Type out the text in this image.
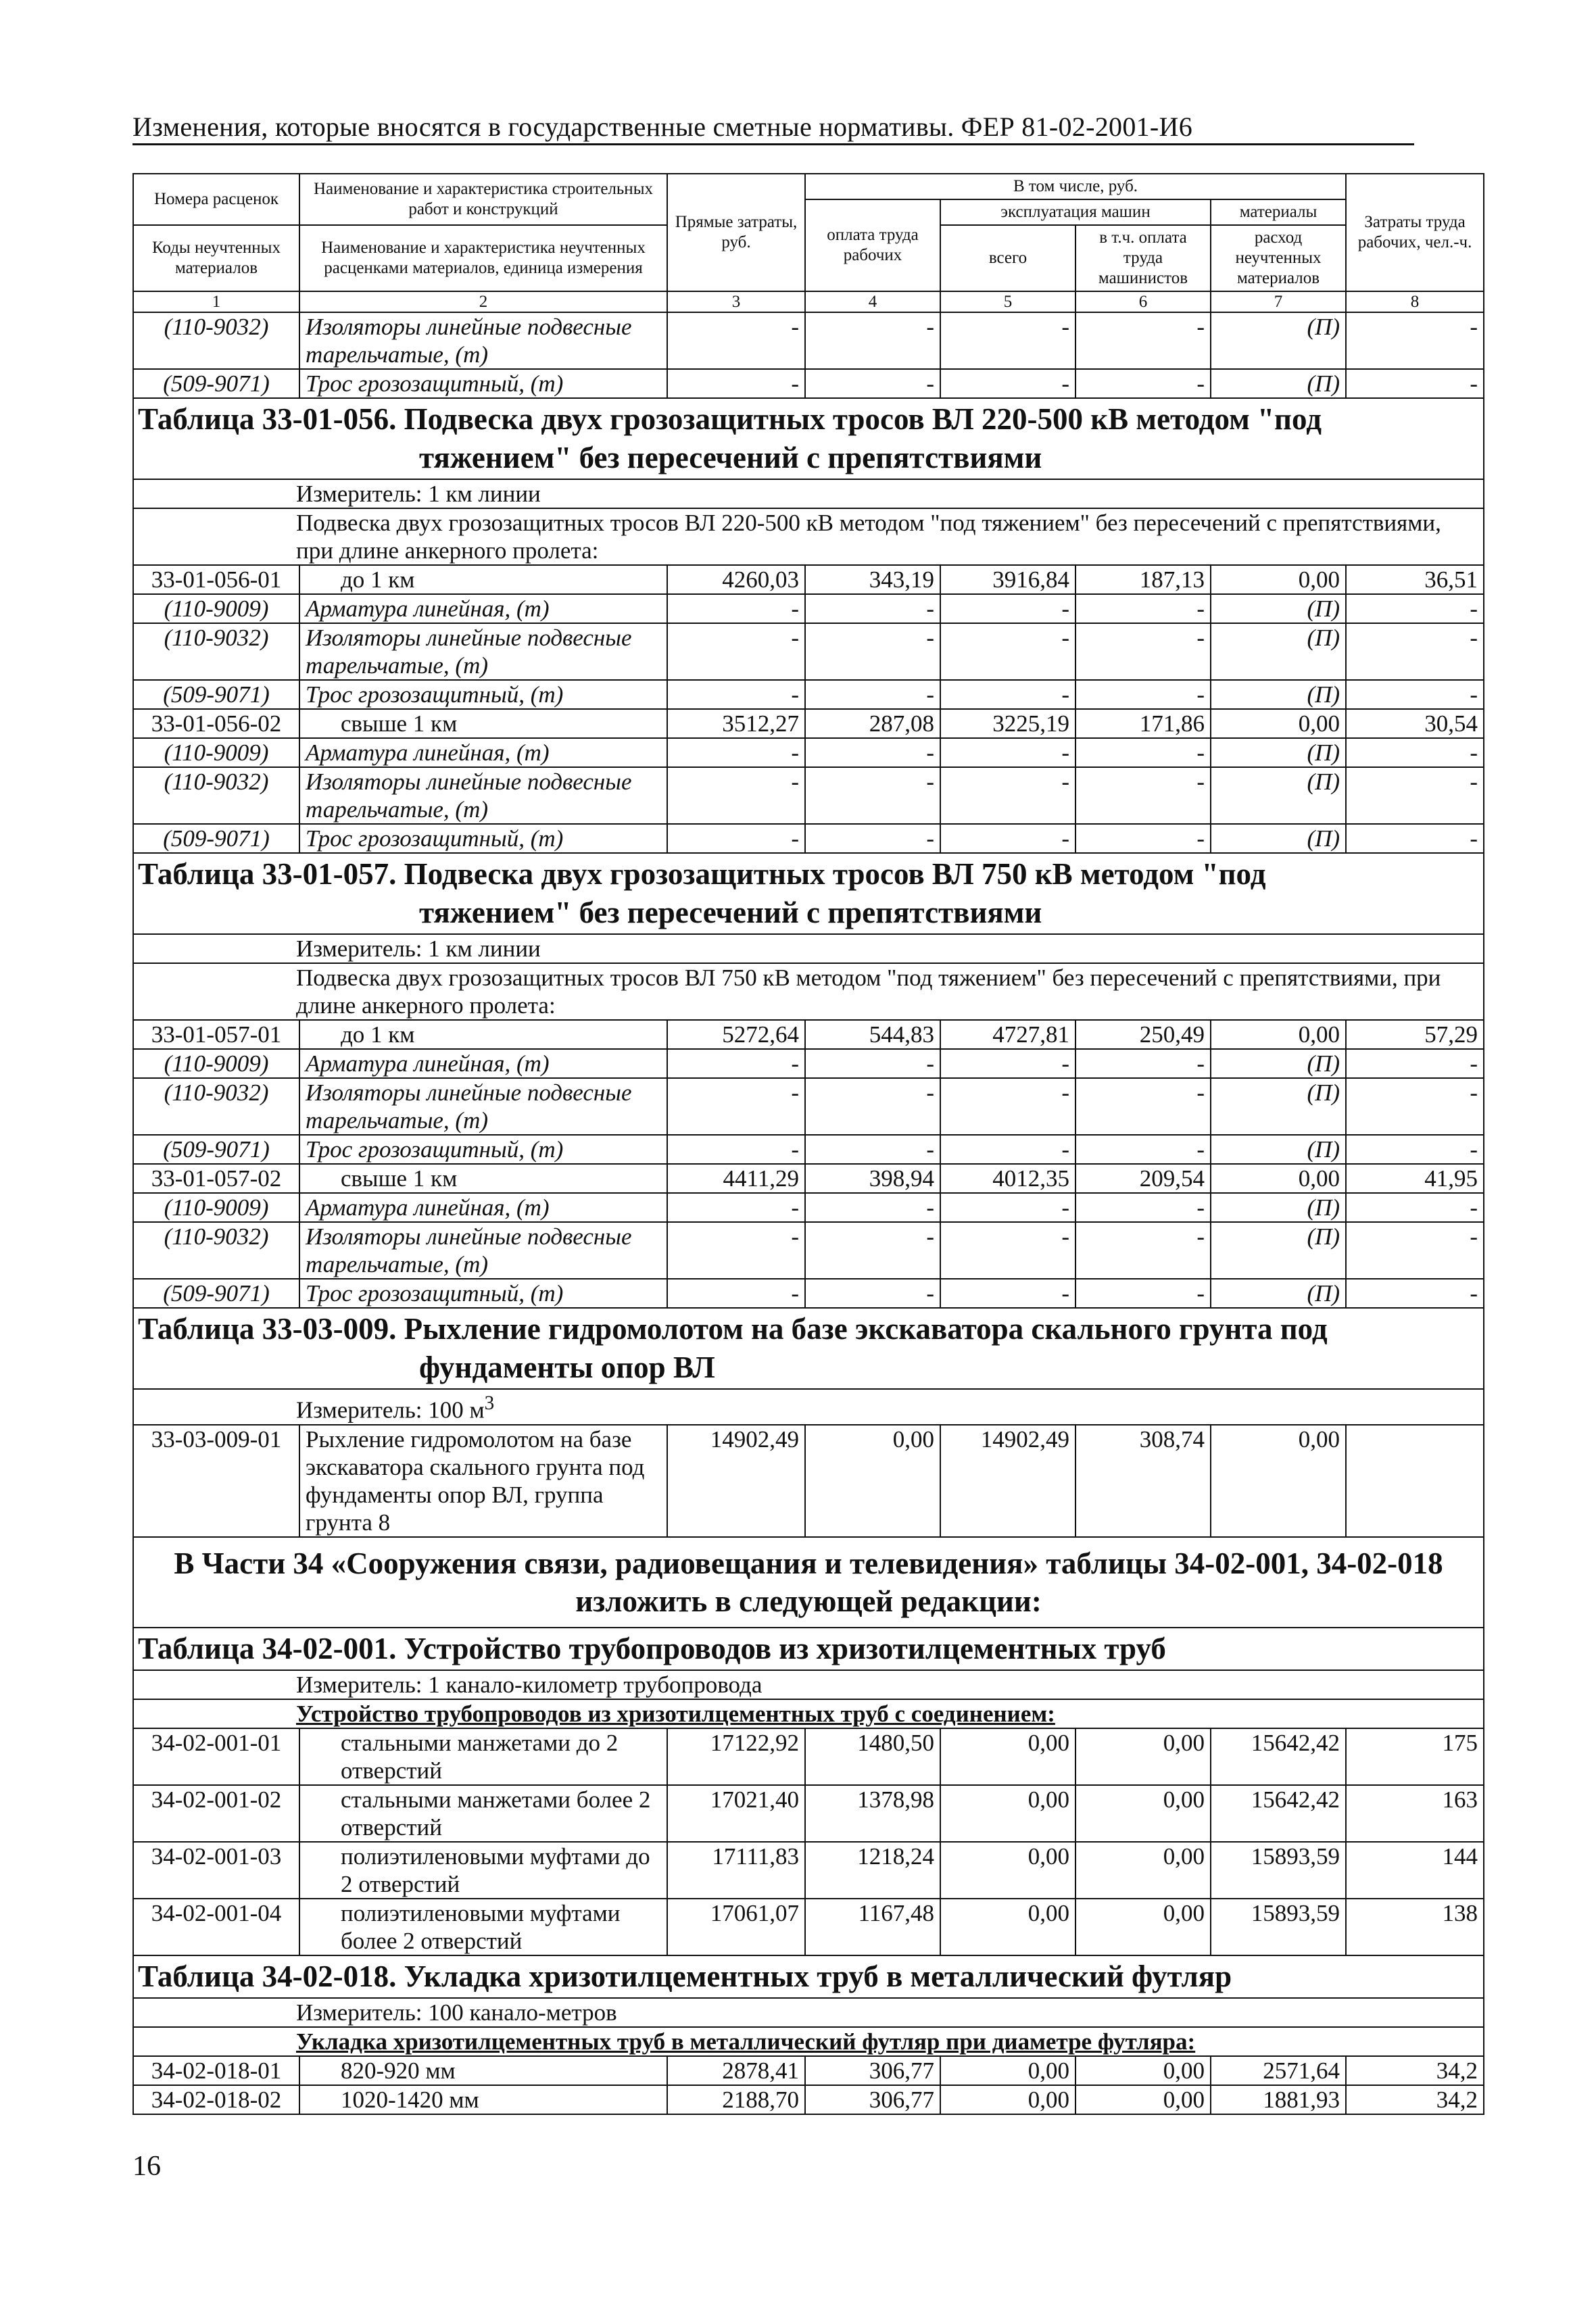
Изменения, которые вносятся в государственные сметные нормативы. ФЕР 81-02-2001-И6
Номера расценок	Наименование и характеристика строительных работ и конструкций	Прямые затраты, руб.	В том числе, руб.				Затраты труда рабочих, чел.-ч.
			оплата труда рабочих	эксплуатация машин		материалы	
				всего	в т.ч. оплата труда машинистов	расход неучтенных материалов	
Коды неучтенных материалов	Наименование и характеристика неучтенных расценками материалов, единица измерения						

1	2	3	4	5	6	7	8
(110-9032)	Изоляторы линейные подвесные тарельчатые, (т)	-	-	-	-	(П)	-
(509-9071)	Трос грозозащитный, (т)	-	-	-	-	(П)	-
Таблица 33-01-056. Подвеска двух грозозащитных тросов ВЛ 220-500 кВ методом "под
тяжением" без пересечений с препятствиями							

Измеритель: 1 км линии							
Подвеска двух грозозащитных тросов ВЛ 220-500 кВ методом "под тяжением" без пересечений с препятствиями, при длине анкерного пролета:							
33-01-056-01	до 1 км	4260,03	343,19	3916,84	187,13	0,00	36,51
(110-9009)	Арматура линейная, (т)	-	-	-	-	(П)	-
(110-9032)	Изоляторы линейные подвесные тарельчатые, (т)	-	-	-	-	(П)	-
(509-9071)	Трос грозозащитный, (т)	-	-	-	-	(П)	-
33-01-056-02	свыше 1 км	3512,27	287,08	3225,19	171,86	0,00	30,54
(110-9009)	Арматура линейная, (т)	-	-	-	-	(П)	-
(110-9032)	Изоляторы линейные подвесные тарельчатые, (т)	-	-	-	-	(П)	-
(509-9071)	Трос грозозащитный, (т)	-	-	-	-	(П)	-
Таблица 33-01-057. Подвеска двух грозозащитных тросов ВЛ 750 кВ методом "под
тяжением" без пересечений с препятствиями							

Измеритель: 1 км линии							
Подвеска двух грозозащитных тросов ВЛ 750 кВ методом "под тяжением" без пересечений с препятствиями, при длине анкерного пролета:							
33-01-057-01	до 1 км	5272,64	544,83	4727,81	250,49	0,00	57,29
(110-9009)	Арматура линейная, (т)	-	-	-	-	(П)	-
(110-9032)	Изоляторы линейные подвесные тарельчатые, (т)	-	-	-	-	(П)	-
(509-9071)	Трос грозозащитный, (т)	-	-	-	-	(П)	-
33-01-057-02	свыше 1 км	4411,29	398,94	4012,35	209,54	0,00	41,95
(110-9009)	Арматура линейная, (т)	-	-	-	-	(П)	-
(110-9032)	Изоляторы линейные подвесные тарельчатые, (т)	-	-	-	-	(П)	-
(509-9071)	Трос грозозащитный, (т)	-	-	-	-	(П)	-
Таблица 33-03-009. Рыхление гидромолотом на базе экскаватора скального грунта под
фундаменты опор ВЛ							

Измеритель: 100 $м^3$
33-03-009-01	Рыхление гидромолотом на базе экскаватора скального грунта под фундаменты опор ВЛ, группа грунта 8	14902,49	0,00	14902,49	308,74	0,00	
В Части 34 «Сооружения связи, радиовещания и телевидения» таблицы 34-02-001, 34-02-018 изложить в следующей редакции:							
Таблица 34-02-001. Устройство трубопроводов из хризотилцементных труб							
Измеритель: 1 канало-километр трубопровода							
Устройство трубопроводов из хризотилцементных труб с соединением:							
34-02-001-01	стальными манжетами до 2 отверстий	17122,92	1480,50	0,00	0,00	15642,42	175
34-02-001-02	стальными манжетами более 2 отверстий	17021,40	1378,98	0,00	0,00	15642,42	163
34-02-001-03	полиэтиленовыми муфтами до 2 отверстий	17111,83	1218,24	0,00	0,00	15893,59	144
34-02-001-04	полиэтиленовыми муфтами более 2 отверстий	17061,07	1167,48	0,00	0,00	15893,59	138
Таблица 34-02-018. Укладка хризотилцементных труб в металлический футляр							
Измеритель: 100 канало-метров							
Укладка хризотилцементных труб в металлический футляр при диаметре футляра:							
34-02-018-01	820-920 мм	2878,41	306,77	0,00	0,00	2571,64	34,2
34-02-018-02	1020-1420 мм	2188,70	306,77	0,00	0,00	1881,93	34,2
16
